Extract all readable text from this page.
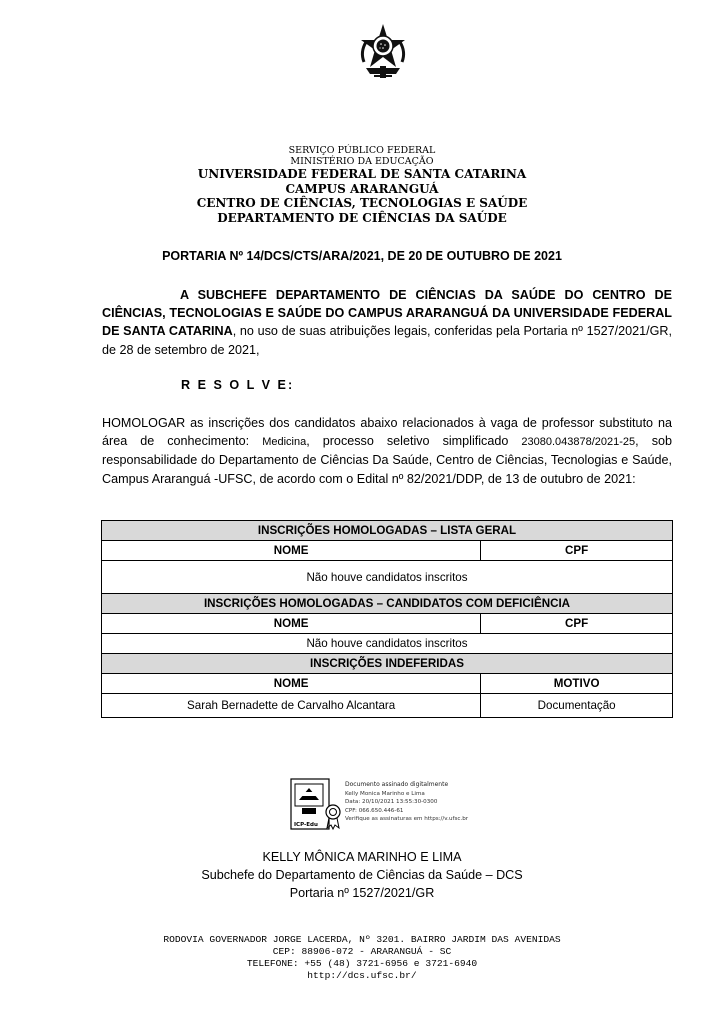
SERVIÇO PÚBLICO FEDERAL
MINISTÉRIO DA EDUCAÇÃO
UNIVERSIDADE FEDERAL DE SANTA CATARINA
CAMPUS ARARANGUÁ
CENTRO DE CIÊNCIAS, TECNOLOGIAS E SAÚDE
DEPARTAMENTO DE CIÊNCIAS DA SAÚDE
PORTARIA Nº 14/DCS/CTS/ARA/2021, DE 20 DE OUTUBRO DE 2021

A SUBCHEFE DEPARTAMENTO DE CIÊNCIAS DA SAÚDE DO CENTRO DE CIÊNCIAS, TECNOLOGIAS E SAÚDE DO CAMPUS ARARANGUÁ DA UNIVERSIDADE FEDERAL DE SANTA CATARINA, no uso de suas atribuições legais, conferidas pela Portaria nº 1527/2021/GR, de 28 de setembro de 2021,

R E S O L V E:

HOMOLOGAR as inscrições dos candidatos abaixo relacionados à vaga de professor substituto na área de conhecimento: Medicina, processo seletivo simplificado 23080.043878/2021-25, sob responsabilidade do Departamento de Ciências Da Saúde, Centro de Ciências, Tecnologias e Saúde, Campus Araranguá -UFSC, de acordo com o Edital nº 82/2021/DDP, de 13 de outubro de 2021:

INSCRIÇÕES HOMOLOGADAS – LISTA GERAL	
NOME	CPF
Não houve candidatos inscritos	
INSCRIÇÕES HOMOLOGADAS – CANDIDATOS COM DEFICIÊNCIA	
NOME	CPF
Não houve candidatos inscritos	
INSCRIÇÕES INDEFERIDAS	
NOME	MOTIVO
Sarah Bernadette de Carvalho Alcantara	Documentação
ICP-Edu
Documento assinado digitalmente
Kelly Monica Marinho e Lima
Data: 20/10/2021 13:55:30-0300
CPF: 066.650.446-61
Verifique as assinaturas em https://v.ufsc.br
KELLY MÔNICA MARINHO E LIMA
Subchefe do Departamento de Ciências da Saúde – DCS
Portaria nº 1527/2021/GR
RODOVIA GOVERNADOR JORGE LACERDA, Nº 3201. BAIRRO JARDIM DAS AVENIDAS
CEP: 88906-072 - ARARANGUÁ - SC
TELEFONE: +55 (48) 3721-6956 e 3721-6940
http://dcs.ufsc.br/
